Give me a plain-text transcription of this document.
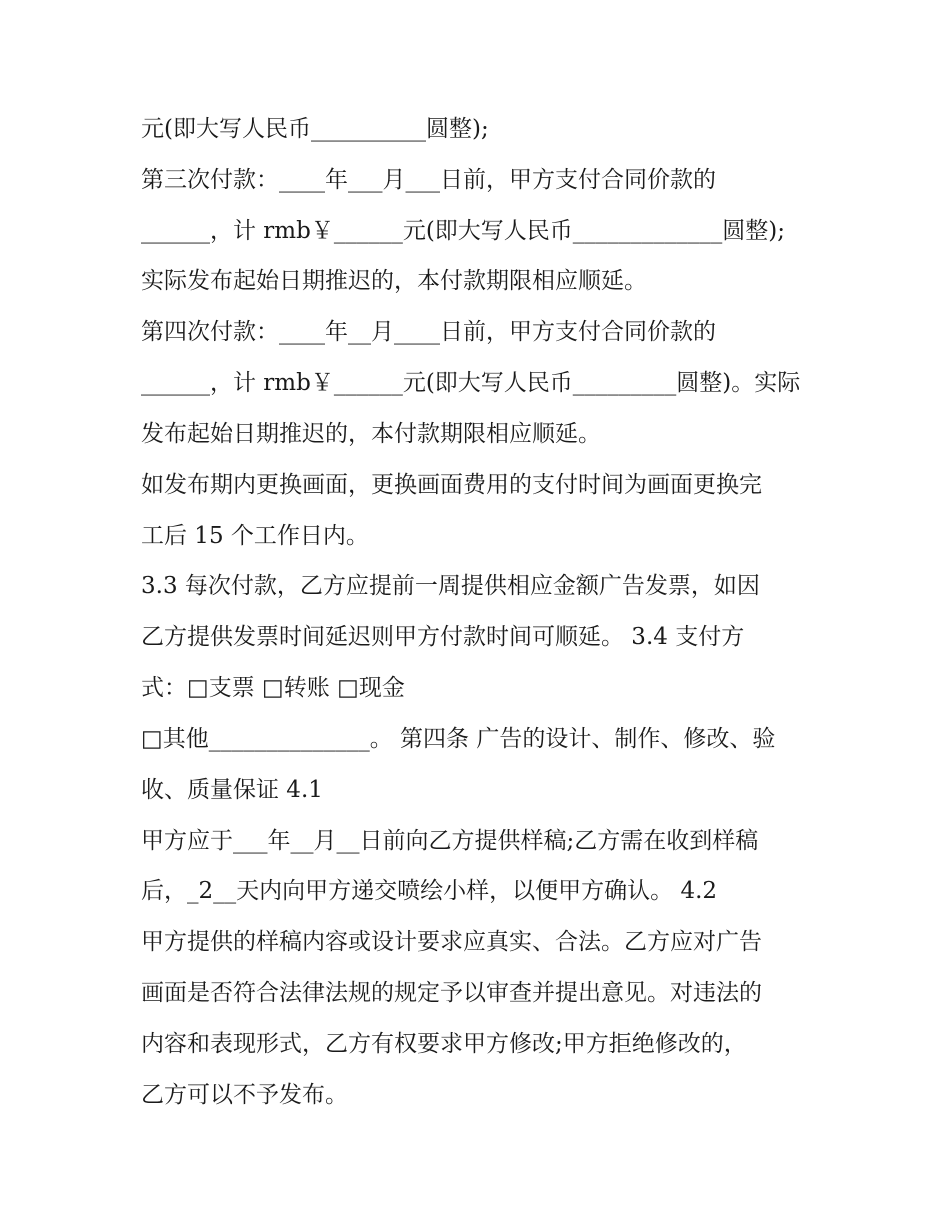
元(即大写人民币__________圆整);

第三次付款：____年___月___日前，甲方支付合同价款的

______，计 rmb￥______元(即大写人民币_____________圆整);

实际发布起始日期推迟的，本付款期限相应顺延。

第四次付款：____年__月____日前，甲方支付合同价款的

______，计 rmb￥______元(即大写人民币_________圆整)。实际

发布起始日期推迟的，本付款期限相应顺延。

如发布期内更换画面，更换画面费用的支付时间为画面更换完

工后 15 个工作日内。

3.3 每次付款，乙方应提前一周提供相应金额广告发票，如因

乙方提供发票时间延迟则甲方付款时间可顺延。 3.4 支付方

式：□支票 □转账 □现金

□其他______________。 第四条 广告的设计、制作、修改、验

收、质量保证 4.1

甲方应于___年__月__日前向乙方提供样稿;乙方需在收到样稿

后，_2__天内向甲方递交喷绘小样，以便甲方确认。 4.2

甲方提供的样稿内容或设计要求应真实、合法。乙方应对广告

画面是否符合法律法规的规定予以审查并提出意见。对违法的

内容和表现形式，乙方有权要求甲方修改;甲方拒绝修改的，

乙方可以不予发布。
